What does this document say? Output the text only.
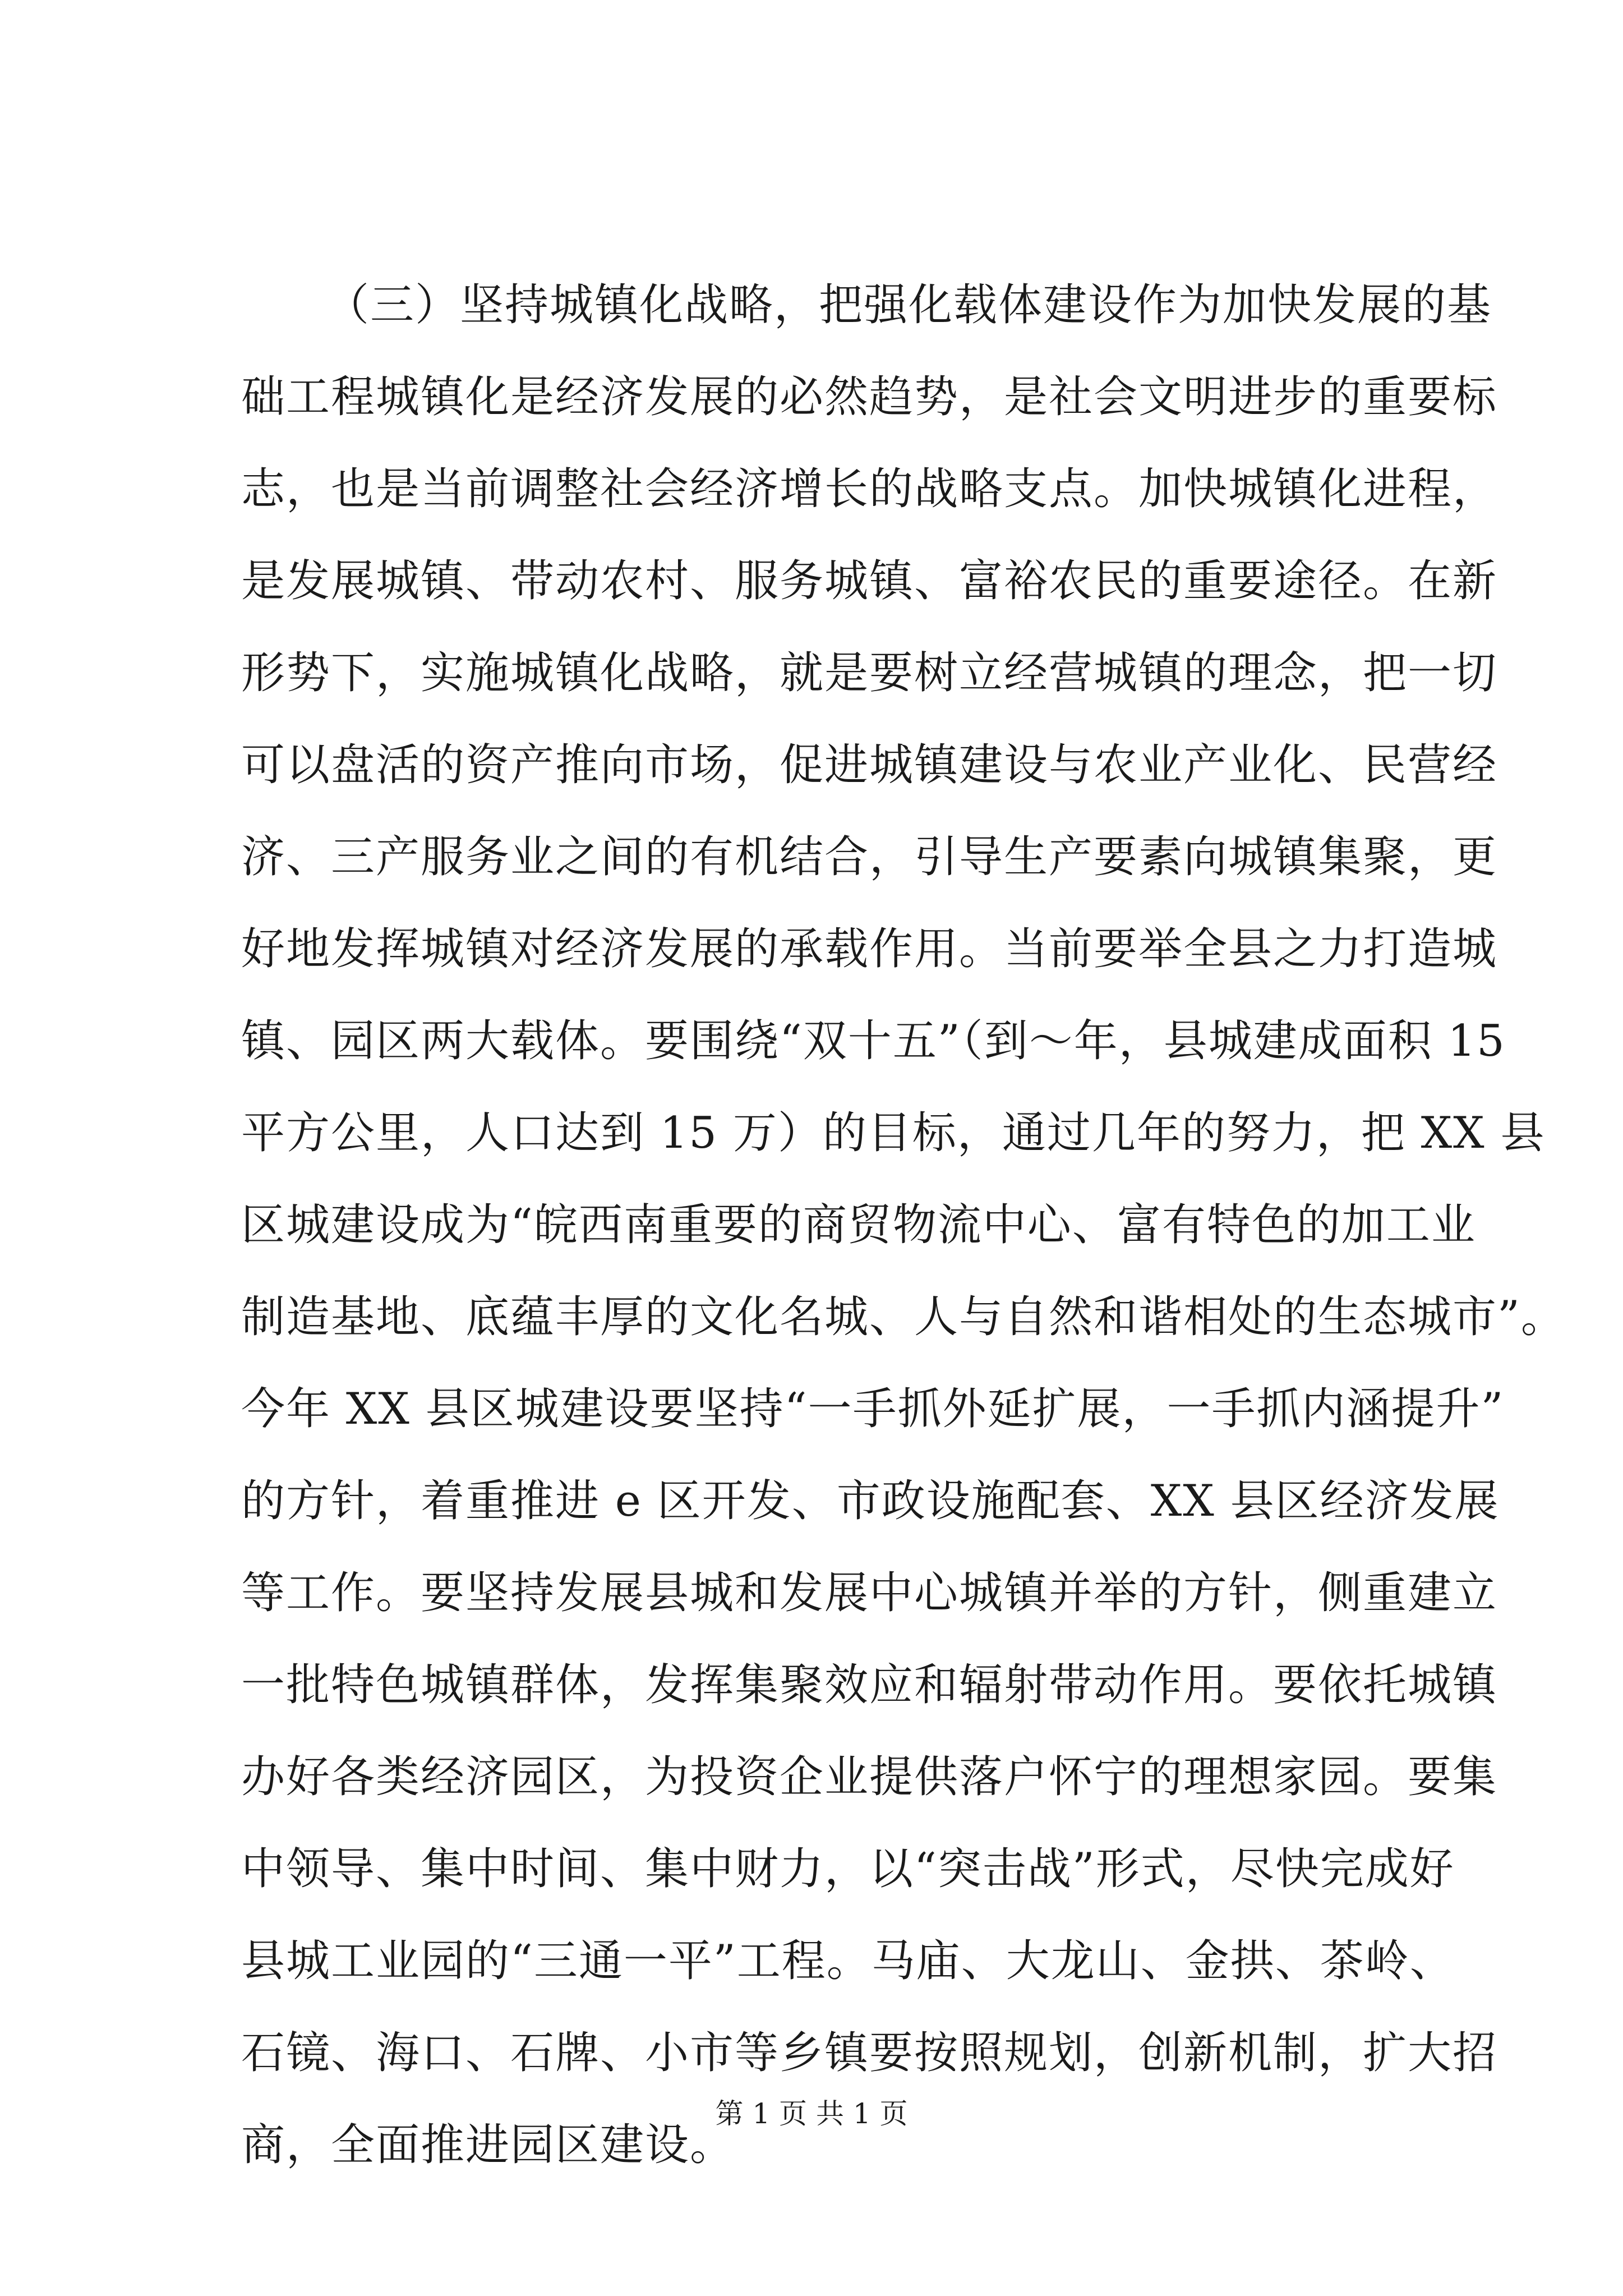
（三）坚持城镇化战略，把强化载体建设作为加快发展的基
础工程城镇化是经济发展的必然趋势，是社会文明进步的重要标
志，也是当前调整社会经济增长的战略支点。加快城镇化进程，
是发展城镇、带动农村、服务城镇、富裕农民的重要途径。在新
形势下，实施城镇化战略，就是要树立经营城镇的理念，把一切
可以盘活的资产推向市场，促进城镇建设与农业产业化、民营经
济、三产服务业之间的有机结合，引导生产要素向城镇集聚，更
好地发挥城镇对经济发展的承载作用。当前要举全县之力打造城
镇、园区两大载体。要围绕“双十五”（到～年，县城建成面积 15
平方公里，人口达到 15 万）的目标，通过几年的努力，把 XX 县
区城建设成为“皖西南重要的商贸物流中心、富有特色的加工业
制造基地、底蕴丰厚的文化名城、人与自然和谐相处的生态城市”。
今年 XX 县区城建设要坚持“一手抓外延扩展，一手抓内涵提升”
的方针，着重推进 e 区开发、市政设施配套、XX 县区经济发展
等工作。要坚持发展县城和发展中心城镇并举的方针，侧重建立
一批特色城镇群体，发挥集聚效应和辐射带动作用。要依托城镇
办好各类经济园区，为投资企业提供落户怀宁的理想家园。要集
中领导、集中时间、集中财力，以“突击战”形式，尽快完成好
县城工业园的“三通一平”工程。马庙、大龙山、金拱、茶岭、
石镜、海口、石牌、小市等乡镇要按照规划，创新机制，扩大招
商，全面推进园区建设。
第 1 页 共 1 页
